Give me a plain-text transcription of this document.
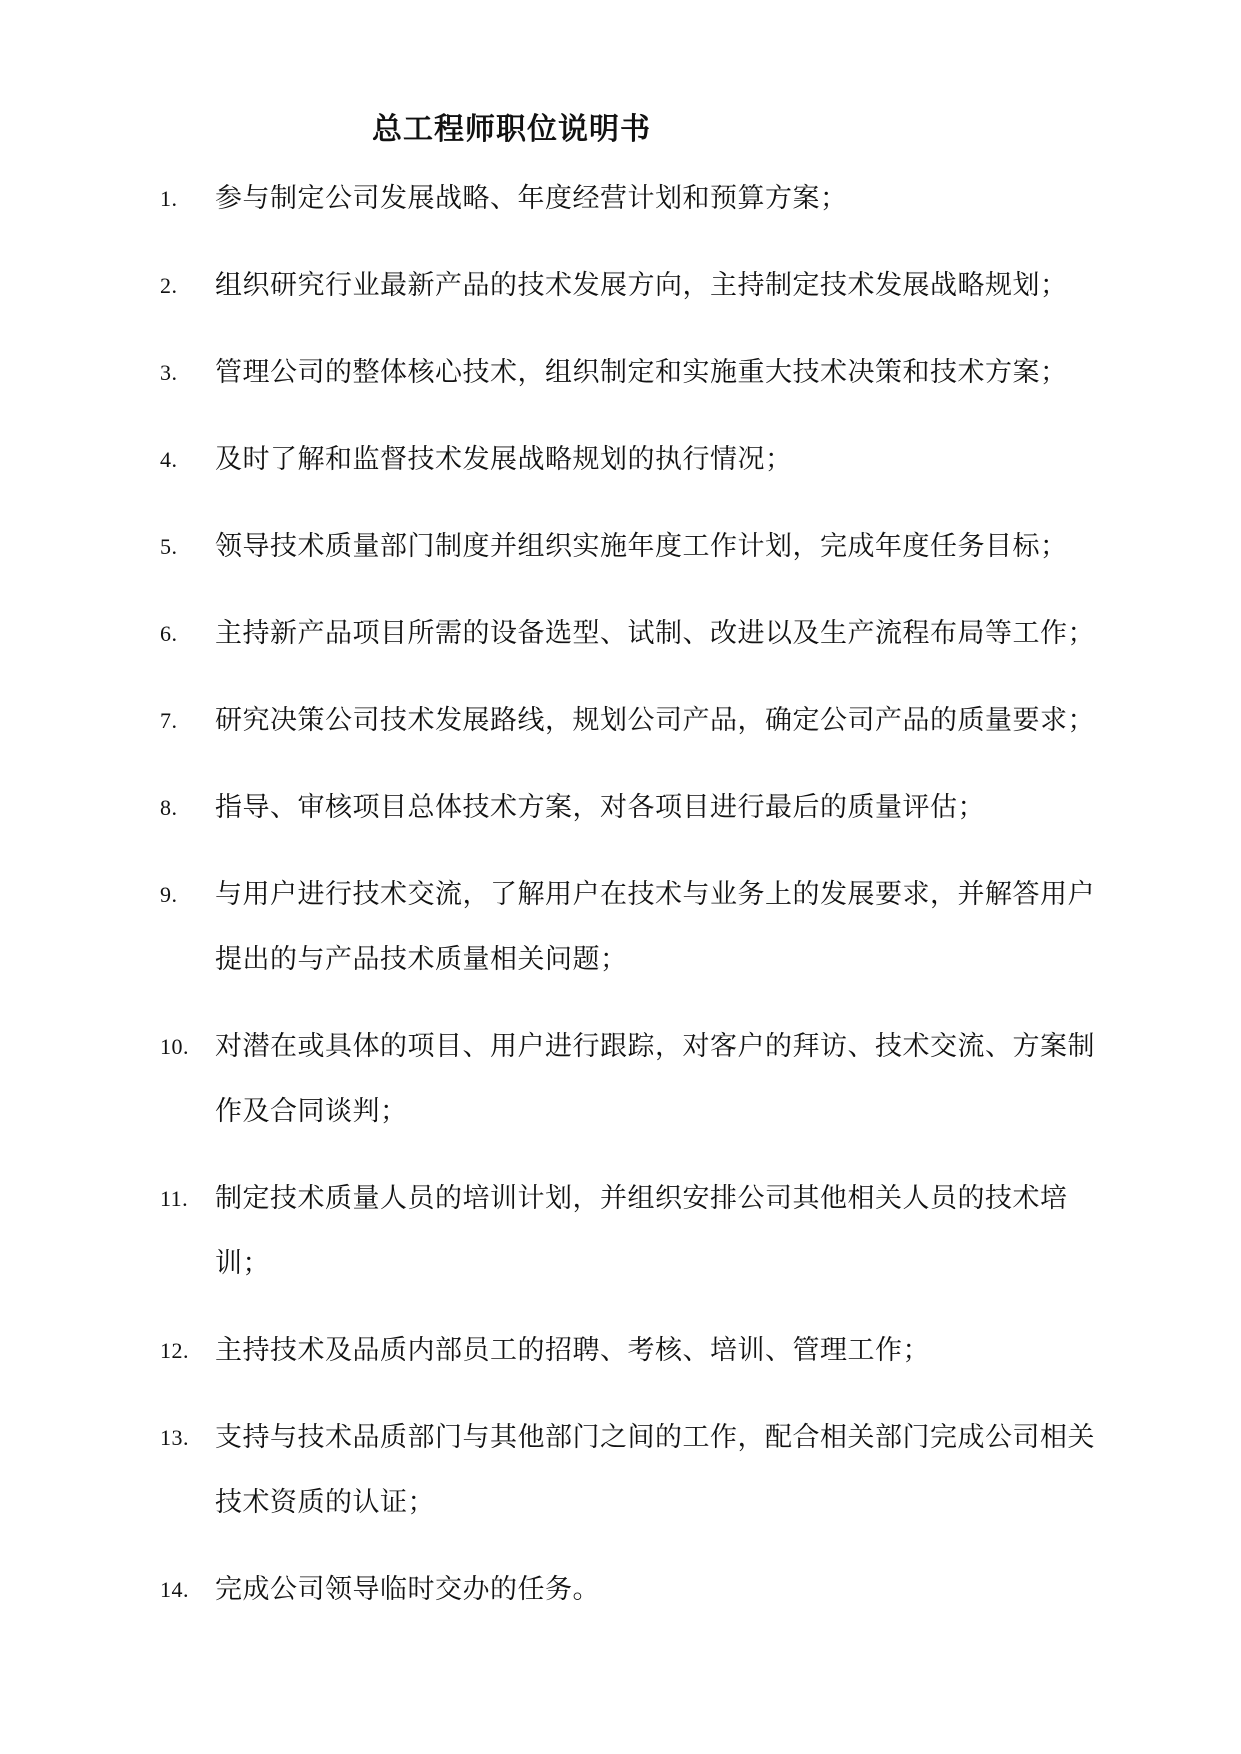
总工程师职位说明书
1. 参与制定公司发展战略、年度经营计划和预算方案；
2. 组织研究行业最新产品的技术发展方向，主持制定技术发展战略规划；
3. 管理公司的整体核心技术，组织制定和实施重大技术决策和技术方案；
4. 及时了解和监督技术发展战略规划的执行情况；
5. 领导技术质量部门制度并组织实施年度工作计划，完成年度任务目标；
6. 主持新产品项目所需的设备选型、试制、改进以及生产流程布局等工作；
7. 研究决策公司技术发展路线，规划公司产品，确定公司产品的质量要求；
8. 指导、审核项目总体技术方案，对各项目进行最后的质量评估；
9. 与用户进行技术交流，了解用户在技术与业务上的发展要求，并解答用户提出的与产品技术质量相关问题；
10. 对潜在或具体的项目、用户进行跟踪，对客户的拜访、技术交流、方案制作及合同谈判；
11. 制定技术质量人员的培训计划，并组织安排公司其他相关人员的技术培训；
12. 主持技术及品质内部员工的招聘、考核、培训、管理工作；
13. 支持与技术品质部门与其他部门之间的工作，配合相关部门完成公司相关技术资质的认证；
14. 完成公司领导临时交办的任务。
